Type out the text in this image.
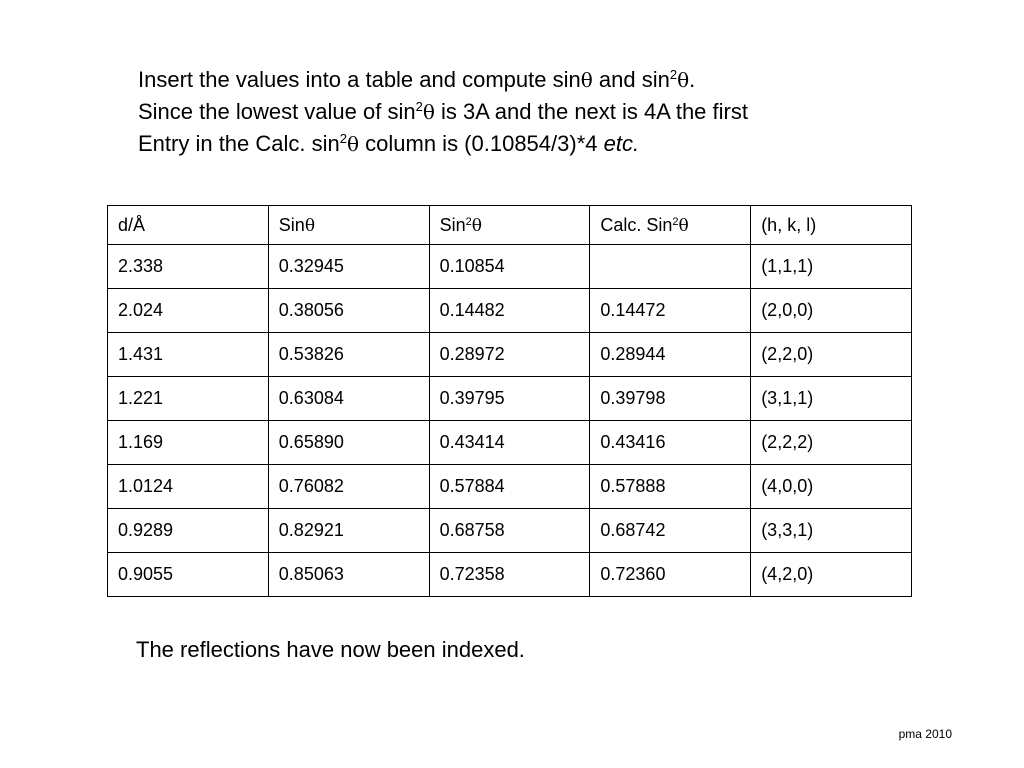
Insert the values into a table and compute sinθ and $\sin^2\theta$.
Since the lowest value of $\sin^2\theta$ is 3A and the next is 4A the first
Entry in the Calc. $\sin^2\theta$ column is (0.10854/3)*4 etc.
d/Å	Sinθ	Sin$^2$θ	Calc. Sin$^2$θ	(h, k, l)
2.338	0.32945	0.10854		(1,1,1)
2.024	0.38056	0.14482	0.14472	(2,0,0)
1.431	0.53826	0.28972	0.28944	(2,2,0)
1.221	0.63084	0.39795	0.39798	(3,1,1)
1.169	0.65890	0.43414	0.43416	(2,2,2)
1.0124	0.76082	0.57884	0.57888	(4,0,0)
0.9289	0.82921	0.68758	0.68742	(3,3,1)
0.9055	0.85063	0.72358	0.72360	(4,2,0)
The reflections have now been indexed.
pma 2010
